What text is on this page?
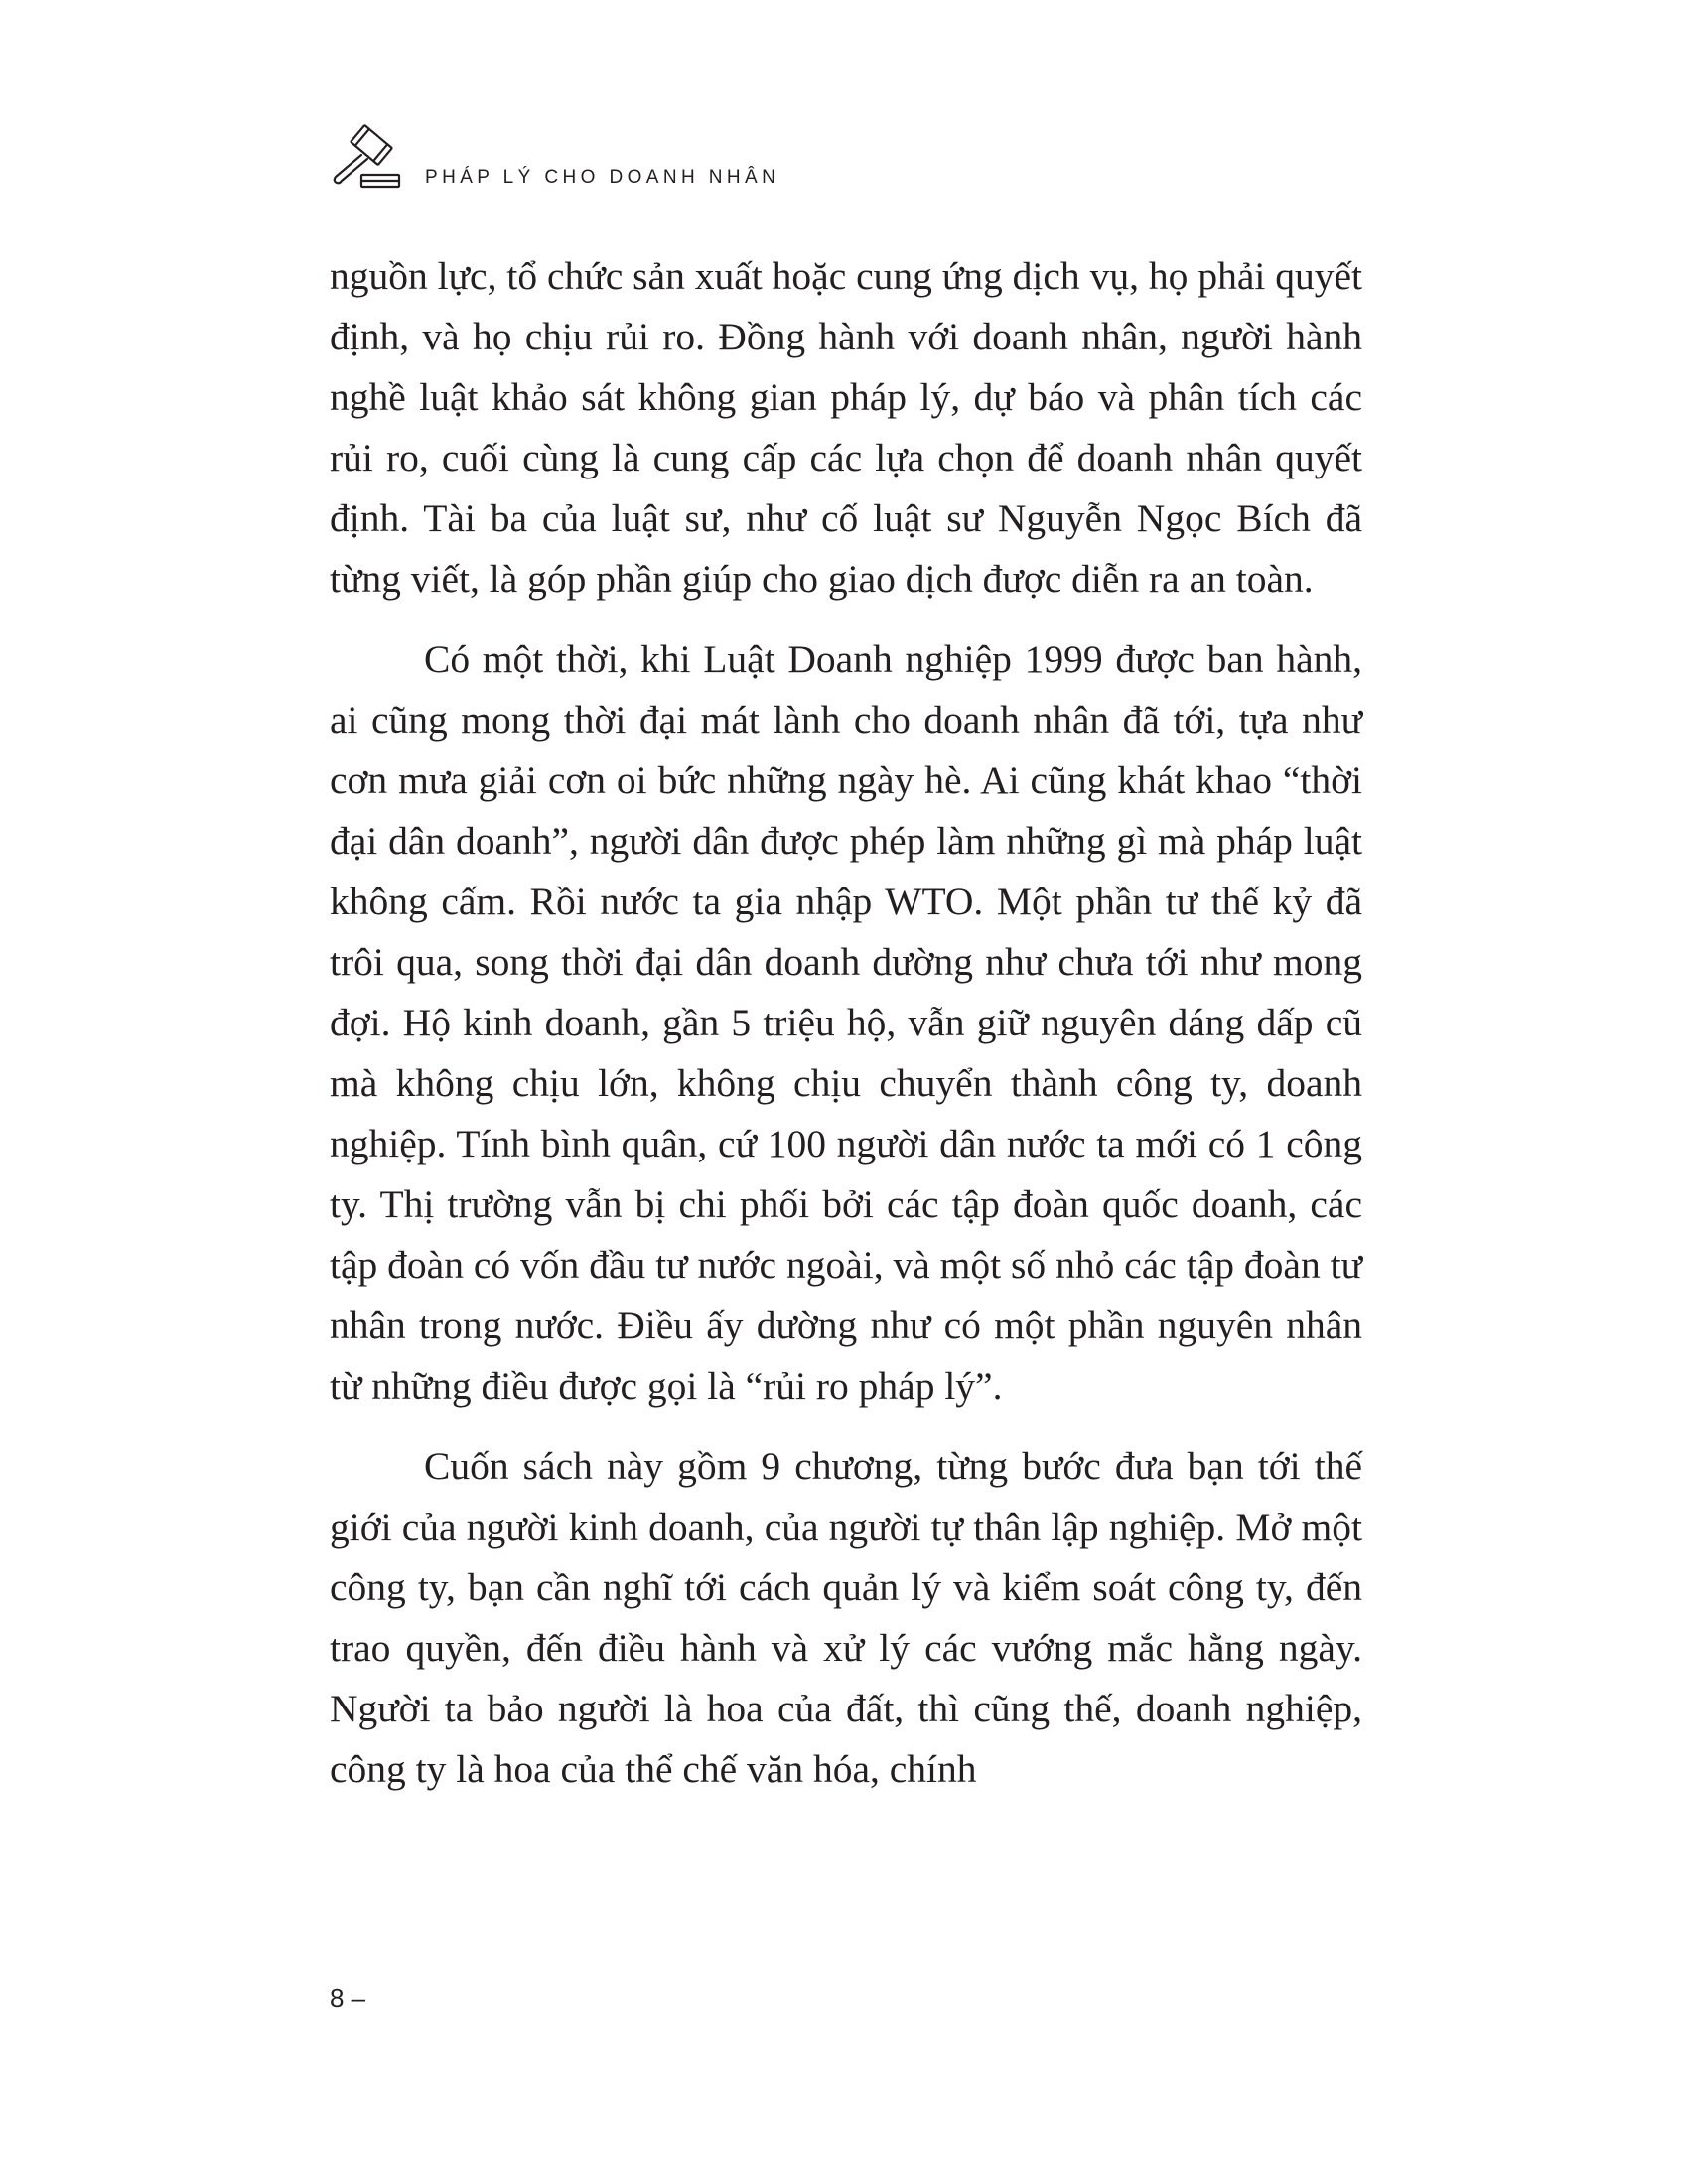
PHÁP LÝ CHO DOANH NHÂN

nguồn lực, tổ chức sản xuất hoặc cung ứng dịch vụ, họ phải quyết định, và họ chịu rủi ro. Đồng hành với doanh nhân, người hành nghề luật khảo sát không gian pháp lý, dự báo và phân tích các rủi ro, cuối cùng là cung cấp các lựa chọn để doanh nhân quyết định. Tài ba của luật sư, như cố luật sư Nguyễn Ngọc Bích đã từng viết, là góp phần giúp cho giao dịch được diễn ra an toàn.

Có một thời, khi Luật Doanh nghiệp 1999 được ban hành, ai cũng mong thời đại mát lành cho doanh nhân đã tới, tựa như cơn mưa giải cơn oi bức những ngày hè. Ai cũng khát khao “thời đại dân doanh”, người dân được phép làm những gì mà pháp luật không cấm. Rồi nước ta gia nhập WTO. Một phần tư thế kỷ đã trôi qua, song thời đại dân doanh dường như chưa tới như mong đợi. Hộ kinh doanh, gần 5 triệu hộ, vẫn giữ nguyên dáng dấp cũ mà không chịu lớn, không chịu chuyển thành công ty, doanh nghiệp. Tính bình quân, cứ 100 người dân nước ta mới có 1 công ty. Thị trường vẫn bị chi phối bởi các tập đoàn quốc doanh, các tập đoàn có vốn đầu tư nước ngoài, và một số nhỏ các tập đoàn tư nhân trong nước. Điều ấy dường như có một phần nguyên nhân từ những điều được gọi là “rủi ro pháp lý”.

Cuốn sách này gồm 9 chương, từng bước đưa bạn tới thế giới của người kinh doanh, của người tự thân lập nghiệp. Mở một công ty, bạn cần nghĩ tới cách quản lý và kiểm soát công ty, đến trao quyền, đến điều hành và xử lý các vướng mắc hằng ngày. Người ta bảo người là hoa của đất, thì cũng thế, doanh nghiệp, công ty là hoa của thể chế văn hóa, chính

8 –
